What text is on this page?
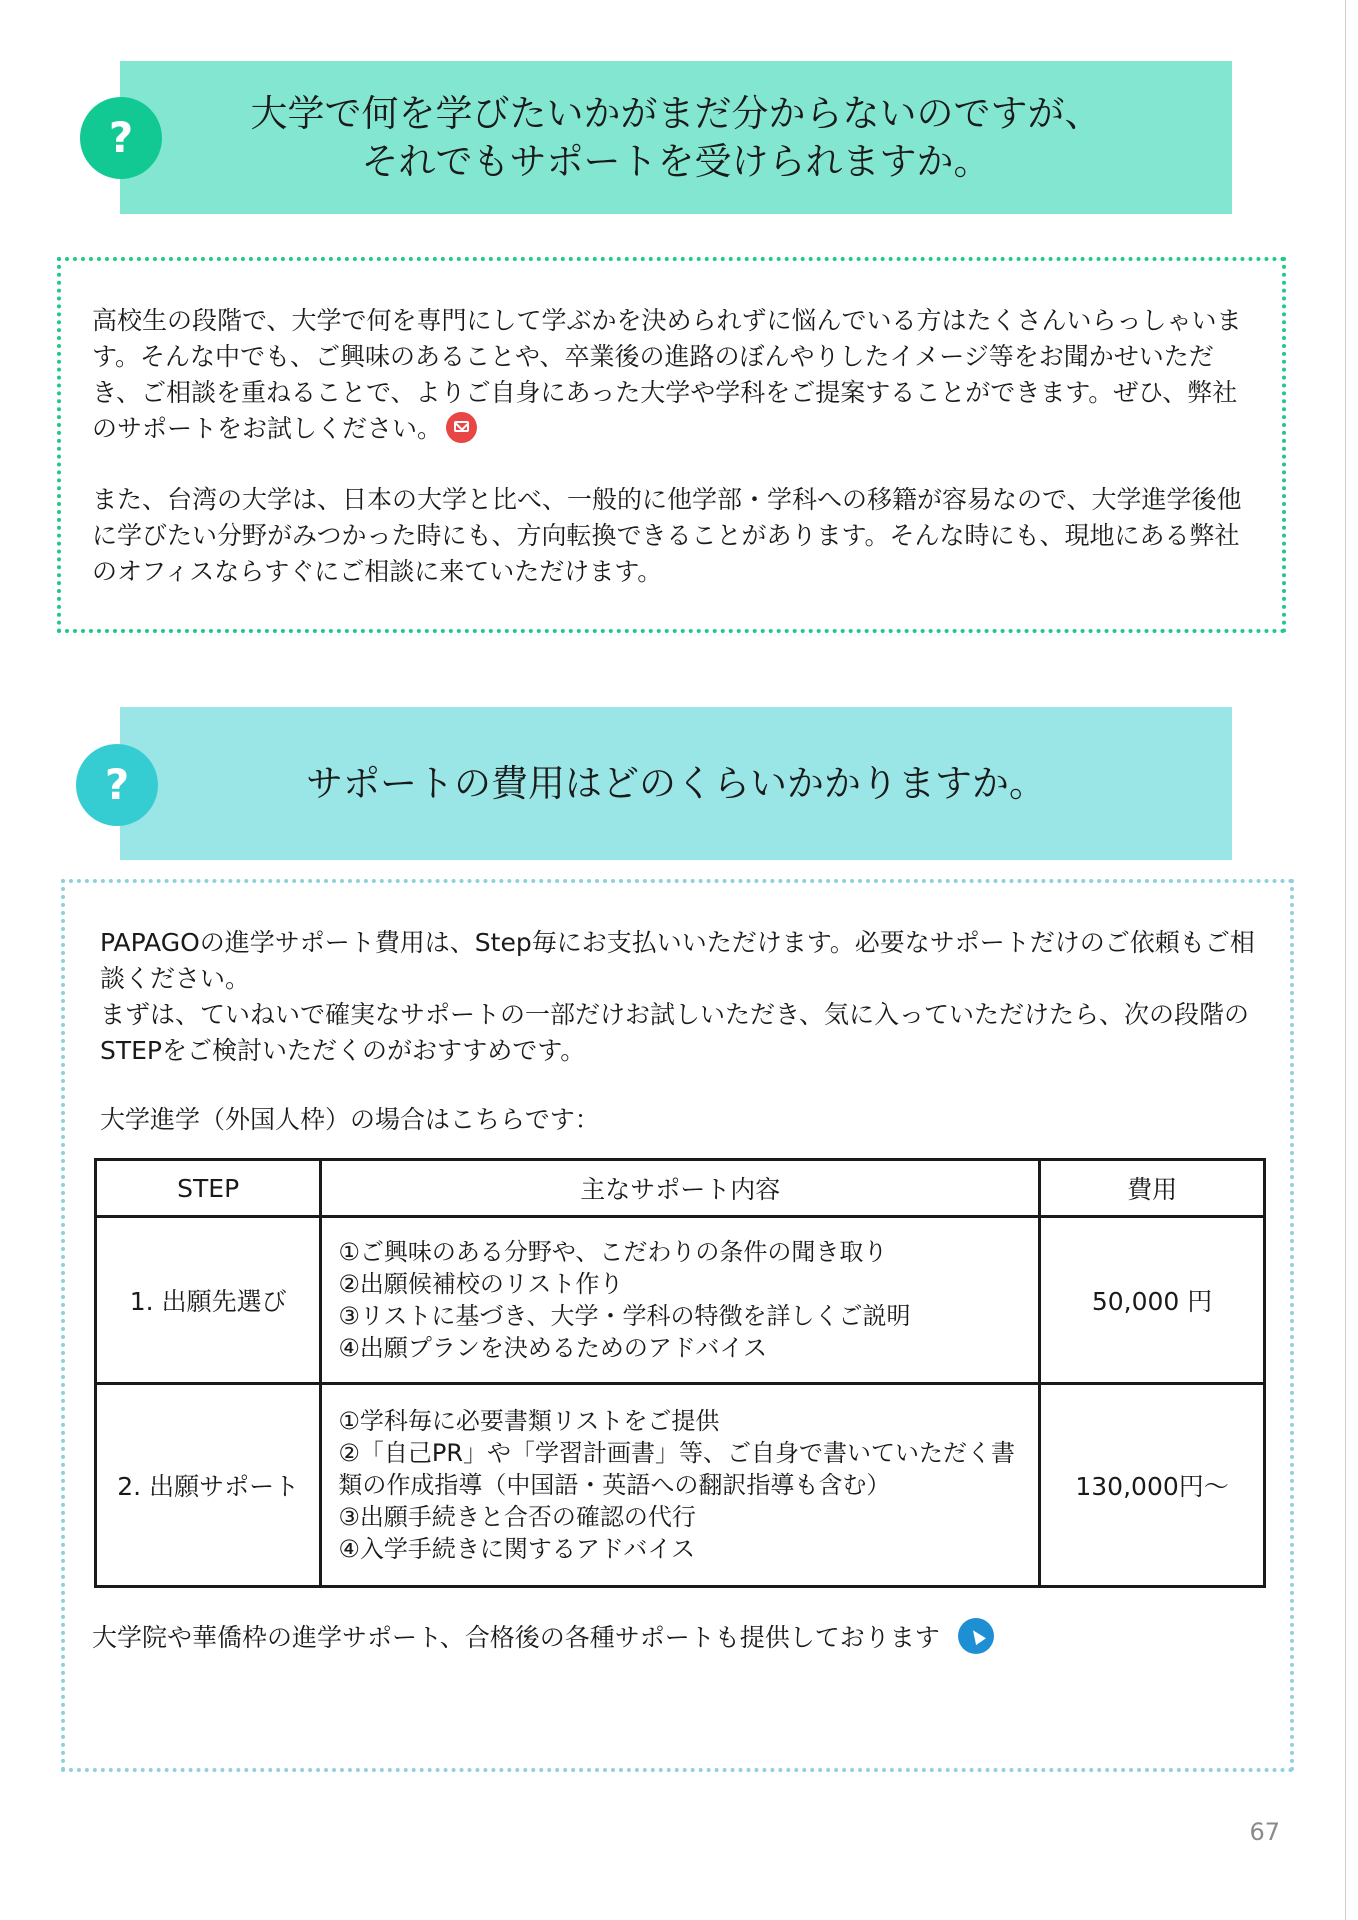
大学で何を学びたいかがまだ分からないのですが、
それでもサポートを受けられますか。
?

高校生の段階で、大学で何を専門にして学ぶかを決められずに悩んでいる方はたくさんいらっしゃいます。そんな中でも、ご興味のあることや、卒業後の進路のぼんやりしたイメージ等をお聞かせいただき、ご相談を重ねることで、よりご自身にあった大学や学科をご提案することができます。ぜひ、弊社のサポートをお試しください。

また、台湾の大学は、日本の大学と比べ、一般的に他学部・学科への移籍が容易なので、大学進学後他に学びたい分野がみつかった時にも、方向転換できることがあります。そんな時にも、現地にある弊社のオフィスならすぐにご相談に来ていただけます。

サポートの費用はどのくらいかかりますか。
?

PAPAGOの進学サポート費用は、Step毎にお支払いいただけます。必要なサポートだけのご依頼もご相談ください。
まずは、ていねいで確実なサポートの一部だけお試しいただき、気に入っていただけたら、次の段階のSTEPをご検討いただくのがおすすめです。

大学進学（外国人枠）の場合はこちらです：

STEP	主なサポート内容	費用
1. 出願先選び	①ご興味のある分野や、こだわりの条件の聞き取り
②出願候補校のリスト作り
③リストに基づき、大学・学科の特徴を詳しくご説明
④出願プランを決めるためのアドバイス	50,000 円
2. 出願サポート	①学科毎に必要書類リストをご提供
②「自己PR」や「学習計画書」等、ご自身で書いていただく書類の作成指導（中国語・英語への翻訳指導も含む）
③出願手続きと合否の確認の代行
④入学手続きに関するアドバイス	130,000円～

大学院や華僑枠の進学サポート、合格後の各種サポートも提供しております

67
